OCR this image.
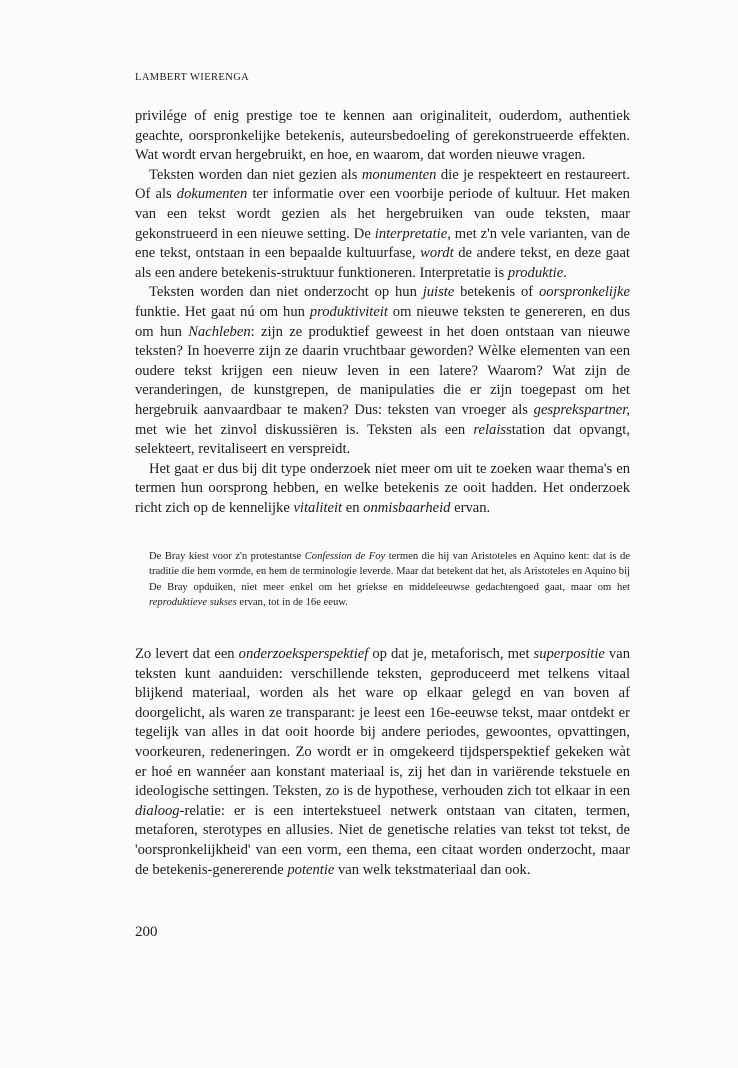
LAMBERT WIERENGA

privilége of enig prestige toe te kennen aan originaliteit, ouderdom, authentiek geachte, oorspronkelijke betekenis, auteursbedoeling of gerekonstrueerde effekten. Wat wordt ervan hergebruikt, en hoe, en waarom, dat worden nieuwe vragen.

Teksten worden dan niet gezien als monumenten die je respekteert en restaureert. Of als dokumenten ter informatie over een voorbije periode of kultuur. Het maken van een tekst wordt gezien als het hergebruiken van oude teksten, maar gekonstrueerd in een nieuwe setting. De interpretatie, met z'n vele varianten, van de ene tekst, ontstaan in een bepaalde kultuurfase, wordt de andere tekst, en deze gaat als een andere betekenis-struktuur funktioneren. Interpretatie is produktie.

Teksten worden dan niet onderzocht op hun juiste betekenis of oorspronkelijke funktie. Het gaat nú om hun produktiviteit om nieuwe teksten te genereren, en dus om hun Nachleben: zijn ze produktief geweest in het doen ontstaan van nieuwe teksten? In hoeverre zijn ze daarin vruchtbaar geworden? Wèlke elementen van een oudere tekst krijgen een nieuw leven in een latere? Waarom? Wat zijn de veranderingen, de kunstgrepen, de manipulaties die er zijn toegepast om het hergebruik aanvaardbaar te maken? Dus: teksten van vroeger als gesprekspartner, met wie het zinvol diskussiëren is. Teksten als een relaisstation dat opvangt, selekteert, revitaliseert en verspreidt.

Het gaat er dus bij dit type onderzoek niet meer om uit te zoeken waar thema's en termen hun oorsprong hebben, en welke betekenis ze ooit hadden. Het onderzoek richt zich op de kennelijke vitaliteit en onmisbaarheid ervan.

De Bray kiest voor z'n protestantse Confession de Foy termen die hij van Aristoteles en Aquino kent: dat is de traditie die hem vormde, en hem de terminologie leverde. Maar dat betekent dat het, als Aristoteles en Aquino bij De Bray opduiken, niet meer enkel om het griekse en middeleeuwse gedachtengoed gaat, maar om het reproduktieve sukses ervan, tot in de 16e eeuw.

Zo levert dat een onderzoeksperspektief op dat je, metaforisch, met superpositie van teksten kunt aanduiden: verschillende teksten, geproduceerd met telkens vitaal blijkend materiaal, worden als het ware op elkaar gelegd en van boven af doorgelicht, als waren ze transparant: je leest een 16e-eeuwse tekst, maar ontdekt er tegelijk van alles in dat ooit hoorde bij andere periodes, gewoontes, opvattingen, voorkeuren, redeneringen. Zo wordt er in omgekeerd tijdsperspektief gekeken wàt er hoé en wannéer aan konstant materiaal is, zij het dan in variërende tekstuele en ideologische settingen. Teksten, zo is de hypothese, verhouden zich tot elkaar in een dialoog-relatie: er is een intertekstueel netwerk ontstaan van citaten, termen, metaforen, sterotypes en allusies. Niet de genetische relaties van tekst tot tekst, de 'oorspronkelijkheid' van een vorm, een thema, een citaat worden onderzocht, maar de betekenis-genererende potentie van welk tekstmateriaal dan ook.

200
